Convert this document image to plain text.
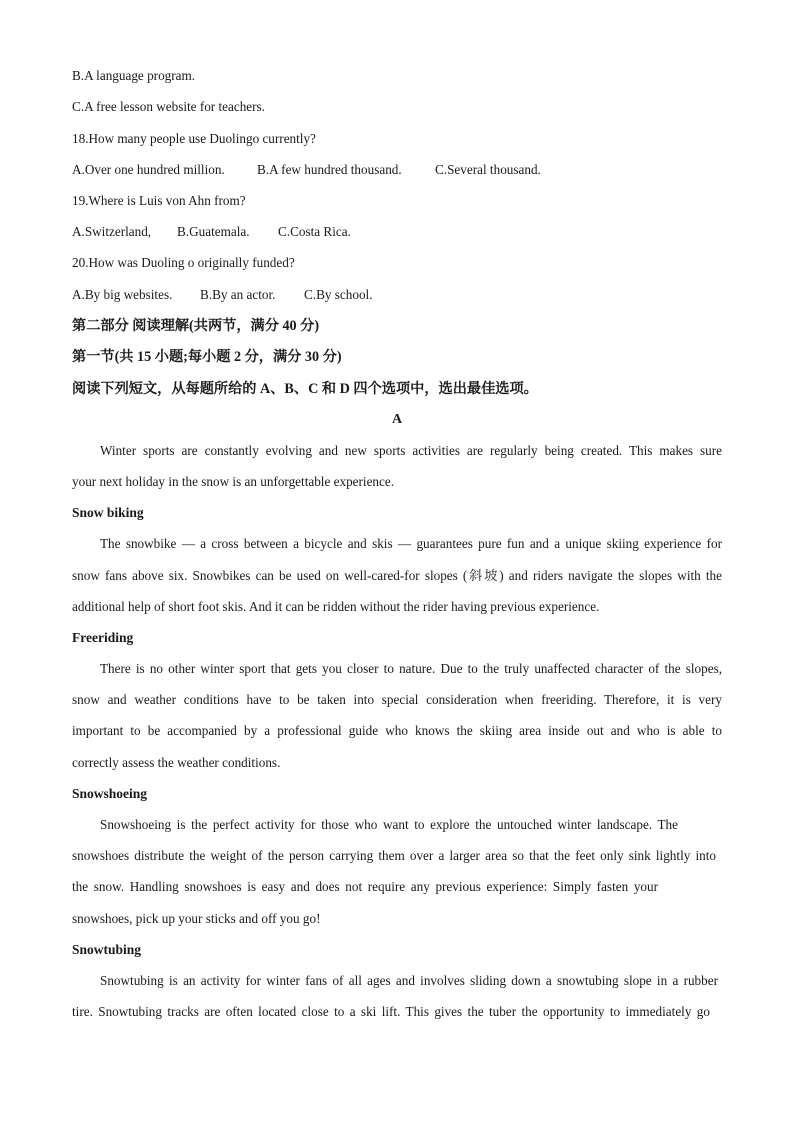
B.A language program.
C.A free lesson website for teachers.
18.How many people use Duolingo currently?
A.Over one hundred million. B.A few hundred thousand.	C.Several thousand.
19.Where is Luis von Ahn from?
A.Switzerland, B.Guatemala. C.Costa Rica.
20.How was Duoling o originally funded?
A.By big websites. B.By an actor. C.By school.
第二部分 阅读理解(共两节，满分 40 分)
第一节(共 15 小题;每小题 2 分，满分 30 分)
阅读下列短文，从每题所给的 A、B、C 和 D 四个选项中，选出最佳选项。
A
Winter sports are constantly evolving and new sports activities are regularly being created. This makes sure
your next holiday in the snow is an unforgettable experience.
Snow biking
The snowbike — a cross between a bicycle and skis — guarantees pure fun and a unique skiing experience for
snow fans above six. Snowbikes can be used on well-cared-for slopes (斜坡) and riders navigate the slopes with the
additional help of short foot skis. And it can be ridden without the rider having previous experience.
Freeriding
There is no other winter sport that gets you closer to nature. Due to the truly unaffected character of the slopes,
snow and weather conditions have to be taken into special consideration when freeriding. Therefore, it is very
important to be accompanied by a professional guide who knows the skiing area inside out and who is able to
correctly assess the weather conditions.
Snowshoeing
Snowshoeing is the perfect activity for those who want to explore the untouched winter landscape. The
snowshoes distribute the weight of the person carrying them over a larger area so that the feet only sink lightly into
the snow. Handling snowshoes is easy and does not require any previous experience: Simply fasten your
snowshoes, pick up your sticks and off you go!
Snowtubing
Snowtubing is an activity for winter fans of all ages and involves sliding down a snowtubing slope in a rubber
tire. Snowtubing tracks are often located close to a ski lift. This gives the tuber the opportunity to immediately go
